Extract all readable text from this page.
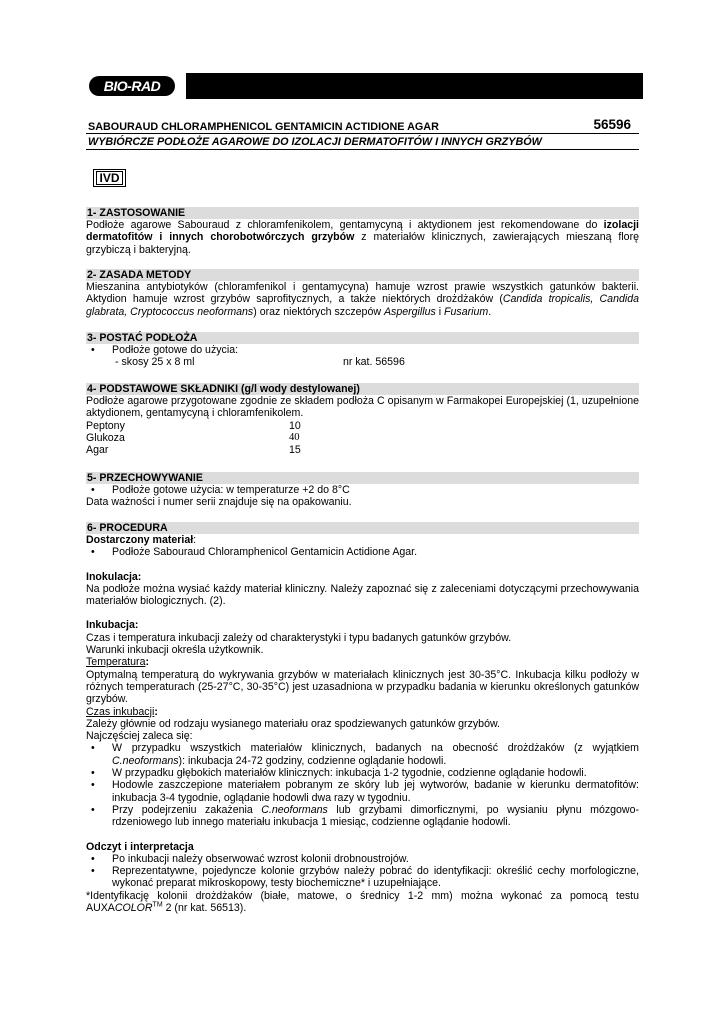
BIO-RAD
SABOURAUD CHLORAMPHENICOL GENTAMICIN ACTIDIONE AGAR	56596
WYBIÓRCZE PODŁOŻE AGAROWE DO IZOLACJI DERMATOFITÓW I INNYCH GRZYBÓW
IVD
1- ZASTOSOWANIE

Podłoże agarowe Sabouraud z chloramfenikolem, gentamycyną i aktydionem jest rekomendowane do izolacji dermatofitów i innych chorobotwórczych grzybów z materiałów klinicznych, zawierających mieszaną florę grzybiczą i bakteryjną.

2- ZASADA METODY

Mieszanina antybiotyków (chloramfenikol i gentamycyna) hamuje wzrost prawie wszystkich gatunków bakterii. Aktydion hamuje wzrost grzybów saprofitycznych, a także niektórych drożdżaków (Candida tropicalis, Candida glabrata, Cryptococcus neoformans) oraz niektórych szczepów Aspergillus i Fusarium.

3- POSTAĆ PODŁOŻA
• Podłoże gotowe do użycia:
- skosy 25 x 8 ml	nr kat. 56596
4- PODSTAWOWE SKŁADNIKI (g/l wody destylowanej)

Podłoże agarowe przygotowane zgodnie ze składem podłoża C opisanym w Farmakopei Europejskiej (1, uzupełnione aktydionem, gentamycyną i chloramfenikolem.

Peptony	10
Glukoza	40
Agar	15
5- PRZECHOWYWANIE
• Podłoże gotowe użycia: w temperaturze +2 do 8°C

Data ważności i numer serii znajduje się na opakowaniu.

6- PROCEDURA

Dostarczony materiał:

• Podłoże Sabouraud Chloramphenicol Gentamicin Actidione Agar.

Inokulacja:

Na podłoże można wysiać każdy materiał kliniczny. Należy zapoznać się z zaleceniami dotyczącymi przechowywania materiałów biologicznych. (2).

Inkubacja:

Czas i temperatura inkubacji zależy od charakterystyki i typu badanych gatunków grzybów.

Warunki inkubacji określa użytkownik.

Temperatura:

Optymalną temperaturą do wykrywania grzybów w materiałach klinicznych jest 30-35°C. Inkubacja kilku podłoży w różnych temperaturach (25-27°C, 30-35°C) jest uzasadniona w przypadku badania w kierunku określonych gatunków grzybów.

Czas inkubacji:

Zależy głównie od rodzaju wysianego materiału oraz spodziewanych gatunków grzybów.

Najczęściej zaleca się:

• W przypadku wszystkich materiałów klinicznych, badanych na obecność drożdżaków (z wyjątkiem C.neoformans): inkubacja 24-72 godziny, codzienne oglądanie hodowli.
• W przypadku głębokich materiałów klinicznych: inkubacja 1-2 tygodnie, codzienne oglądanie hodowli.
• Hodowle zaszczepione materiałem pobranym ze skóry lub jej wytworów, badanie w kierunku dermatofitów: inkubacja 3-4 tygodnie, oglądanie hodowli dwa razy w tygodniu.
• Przy podejrzeniu zakażenia C.neoformans lub grzybami dimorficznymi, po wysianiu płynu mózgowo-rdzeniowego lub innego materiału inkubacja 1 miesiąc, codzienne oglądanie hodowli.

Odczyt i interpretacja

• Po inkubacji należy obserwować wzrost kolonii drobnoustrojów.
• Reprezentatywne, pojedyncze kolonie grzybów należy pobrać do identyfikacji: określić cechy morfologiczne, wykonać preparat mikroskopowy, testy biochemiczne* i uzupełniające.

*Identyfikację kolonii drożdżaków (białe, matowe, o średnicy 1-2 mm) można wykonać za pomocą testu AUXACOLOR™ 2 (nr kat. 56513).
